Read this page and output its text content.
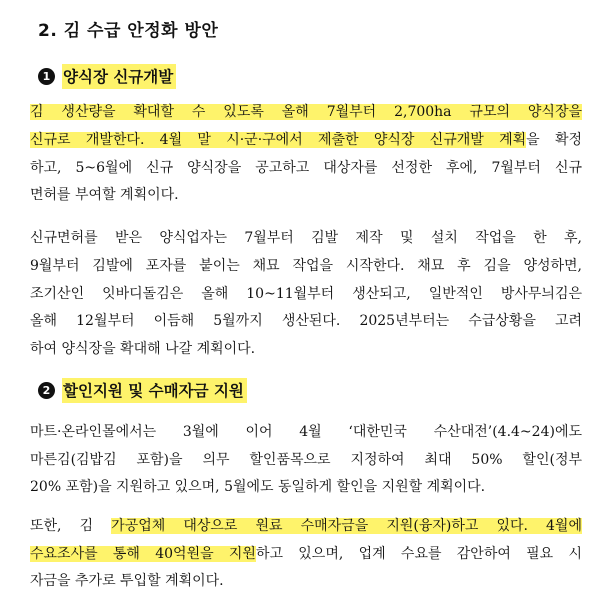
2. 김 수급 안정화 방안
1 양식장 신규개발
김 생산량을 확대할 수 있도록 올해 7월부터 2,700ha 규모의 양식장을
신규로 개발한다. 4월 말 시·군·구에서 제출한 양식장 신규개발 계획을 확정
하고, 5~6월에 신규 양식장을 공고하고 대상자를 선정한 후에, 7월부터 신규
면허를 부여할 계획이다.
신규면허를 받은 양식업자는 7월부터 김발 제작 및 설치 작업을 한 후,
9월부터 김발에 포자를 붙이는 채묘 작업을 시작한다. 채묘 후 김을 양성하면,
조기산인 잇바디돌김은 올해 10~11월부터 생산되고, 일반적인 방사무늬김은
올해 12월부터 이듬해 5월까지 생산된다. 2025년부터는 수급상황을 고려
하여 양식장을 확대해 나갈 계획이다.
2 할인지원 및 수매자금 지원
마트·온라인몰에서는 3월에 이어 4월 ‘대한민국 수산대전’(4.4~24)에도
마른김(김밥김 포함)을 의무 할인품목으로 지정하여 최대 50% 할인(정부
20% 포함)을 지원하고 있으며, 5월에도 동일하게 할인을 지원할 계획이다.
또한, 김 가공업체 대상으로 원료 수매자금을 지원(융자)하고 있다. 4월에
수요조사를 통해 40억원을 지원하고 있으며, 업계 수요를 감안하여 필요 시
자금을 추가로 투입할 계획이다.
